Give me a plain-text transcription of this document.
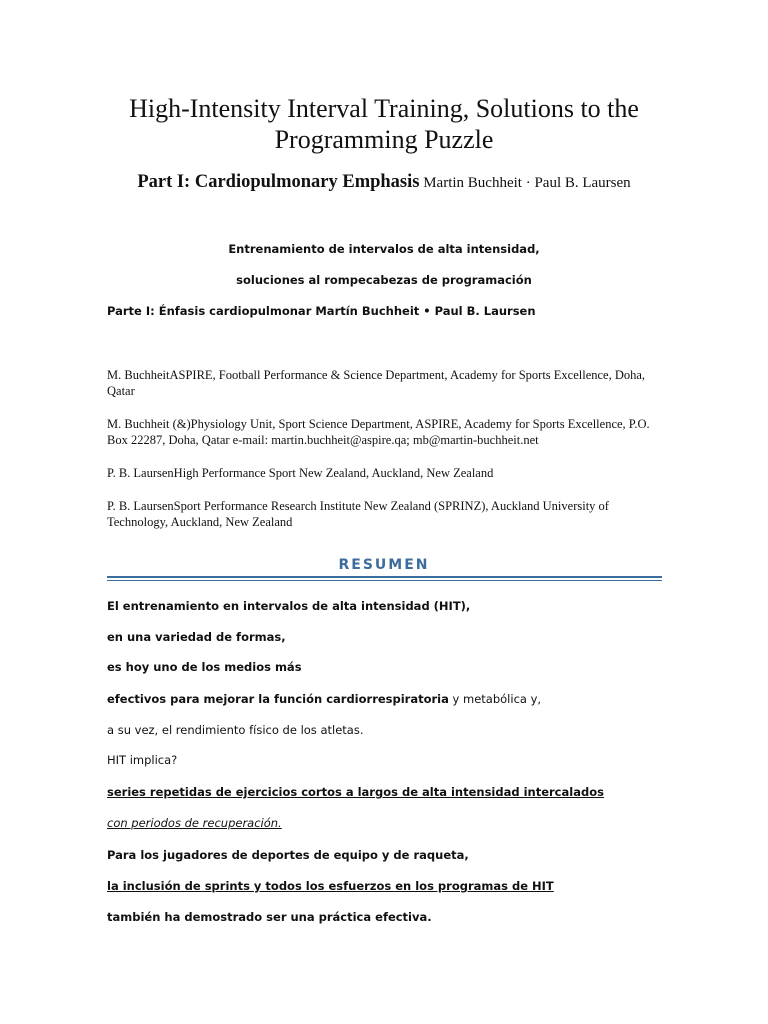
High-Intensity Interval Training, Solutions to the
Programming Puzzle
Part I: Cardiopulmonary Emphasis Martin Buchheit · Paul B. Laursen
Entrenamiento de intervalos de alta intensidad,
soluciones al rompecabezas de programación
Parte I: Énfasis cardiopulmonar Martín Buchheit • Paul B. Laursen
M. BuchheitASPIRE, Football Performance & Science Department, Academy for Sports Excellence, Doha, Qatar
M. Buchheit (&)Physiology Unit, Sport Science Department, ASPIRE, Academy for Sports Excellence, P.O. Box 22287, Doha, Qatar e-mail: martin.buchheit@aspire.qa; mb@martin-buchheit.net
P. B. LaursenHigh Performance Sport New Zealand, Auckland, New Zealand
P. B. LaursenSport Performance Research Institute New Zealand (SPRINZ), Auckland University of Technology, Auckland, New Zealand
RESUMEN
El entrenamiento en intervalos de alta intensidad (HIT),
en una variedad de formas,
es hoy uno de los medios más
efectivos para mejorar la función cardiorrespiratoria y metabólica y,
a su vez, el rendimiento físico de los atletas.
HIT implica?
series repetidas de ejercicios cortos a largos de alta intensidad intercalados
con periodos de recuperación.
Para los jugadores de deportes de equipo y de raqueta,
la inclusión de sprints y todos los esfuerzos en los programas de HIT
también ha demostrado ser una práctica efectiva.
